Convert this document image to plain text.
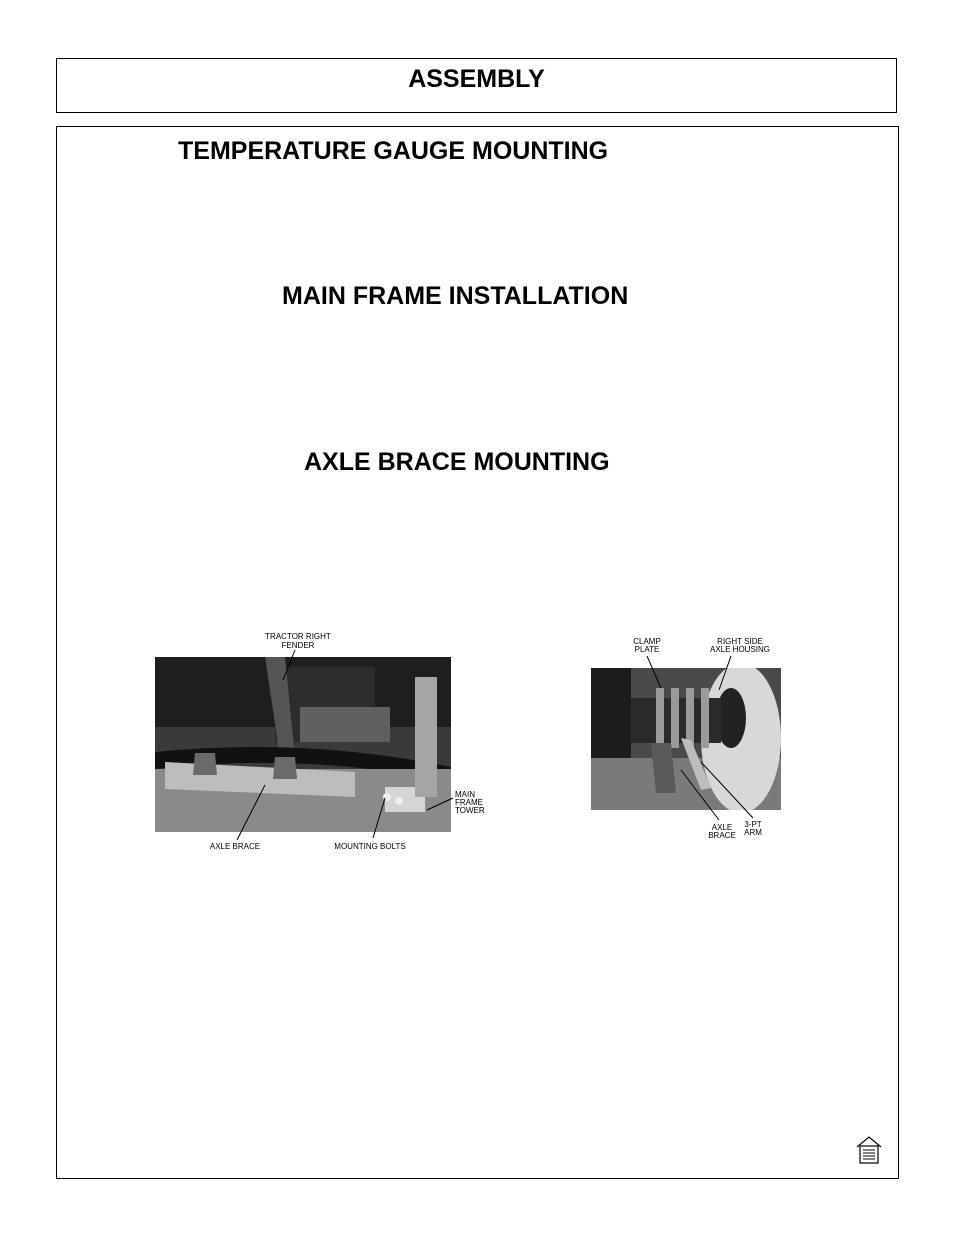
ASSEMBLY
TEMPERATURE GAUGE MOUNTING
MAIN FRAME INSTALLATION
AXLE BRACE MOUNTING
TRACTOR RIGHT
FENDER
MAIN
FRAME
TOWER
AXLE BRACE	MOUNTING BOLTS
CLAMP
PLATE
RIGHT SIDE
AXLE HOUSING
AXLE
BRACE
3-PT
ARM
